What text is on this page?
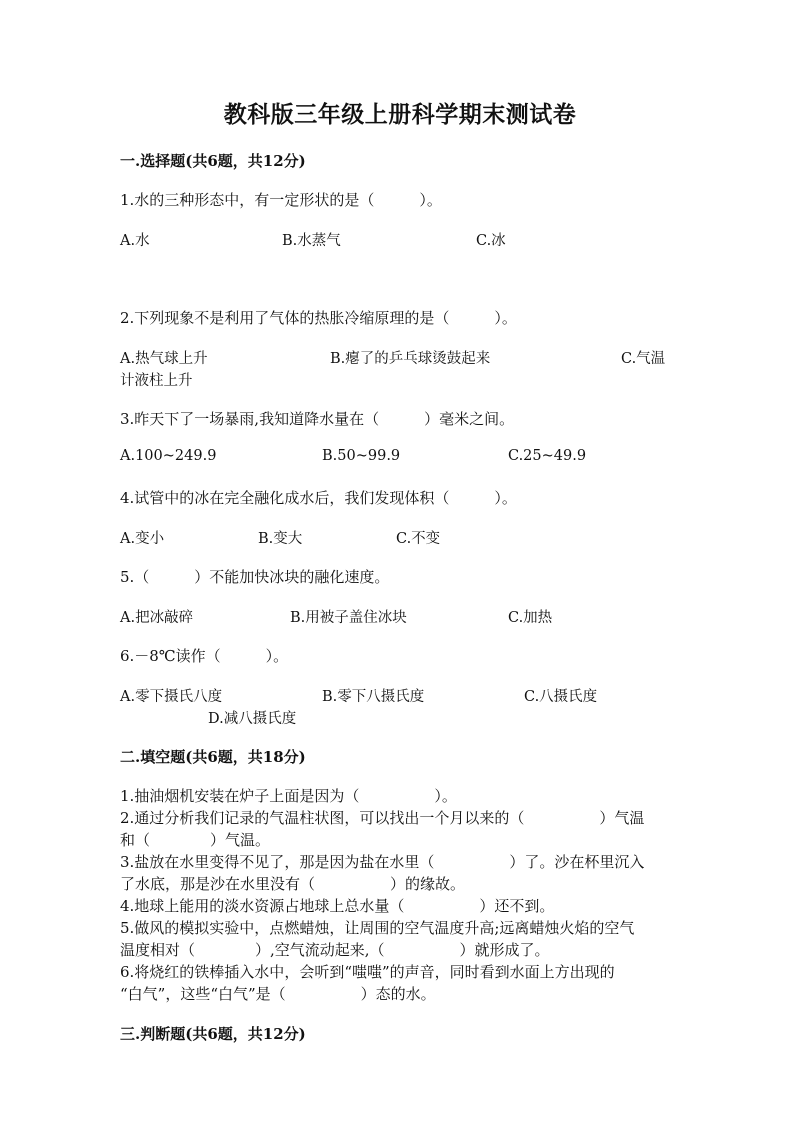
教科版三年级上册科学期末测试卷
一.选择题(共6题，共12分)
1.水的三种形态中，有一定形状的是（　　　）。
A.水	B.水蒸气	C.冰
2.下列现象不是利用了气体的热胀冷缩原理的是（　　　）。
A.热气球上升	B.瘪了的乒乓球烫鼓起来	C.气温
计液柱上升
3.昨天下了一场暴雨,我知道降水量在（　　　）毫米之间。
A.100~249.9	B.50~99.9	C.25~49.9
4.试管中的冰在完全融化成水后，我们发现体积（　　　）。
A.变小	B.变大	C.不变
5.（　　　）不能加快冰块的融化速度。
A.把冰敲碎	B.用被子盖住冰块	C.加热
6.－8℃读作（　　　）。
A.零下摄氏八度	B.零下八摄氏度	C.八摄氏度
D.减八摄氏度
二.填空题(共6题，共18分)
1.抽油烟机安装在炉子上面是因为（　　　　　）。
2.通过分析我们记录的气温柱状图，可以找出一个月以来的（　　　　　）气温
和（　　　　）气温。
3.盐放在水里变得不见了，那是因为盐在水里（　　　　　）了。沙在杯里沉入
了水底，那是沙在水里没有（　　　　　）的缘故。
4.地球上能用的淡水资源占地球上总水量（　　　　　）还不到。
5.做风的模拟实验中，点燃蜡烛，让周围的空气温度升高;远离蜡烛火焰的空气
温度相对（　　　　）,空气流动起来,（　　　　　）就形成了。
6.将烧红的铁棒插入水中，会听到“嗤嗤”的声音，同时看到水面上方出现的
“白气”，这些“白气”是（　　　　　）态的水。
三.判断题(共6题，共12分)
